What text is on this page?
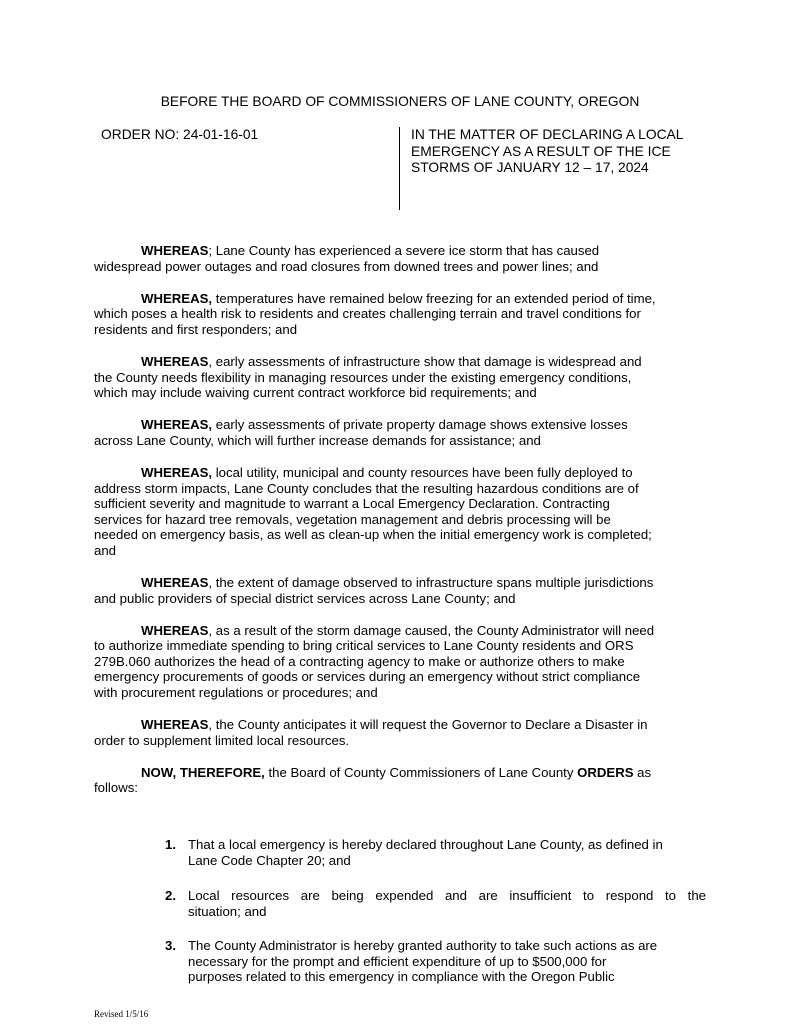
BEFORE THE BOARD OF COMMISSIONERS OF LANE COUNTY, OREGON
ORDER NO: 24-01-16-01	IN THE MATTER OF DECLARING A LOCAL
EMERGENCY AS A RESULT OF THE ICE
STORMS OF JANUARY 12 – 17, 2024

WHEREAS; Lane County has experienced a severe ice storm that has caused
widespread power outages and road closures from downed trees and power lines; and

WHEREAS, temperatures have remained below freezing for an extended period of time,
which poses a health risk to residents and creates challenging terrain and travel conditions for
residents and first responders; and

WHEREAS, early assessments of infrastructure show that damage is widespread and
the County needs flexibility in managing resources under the existing emergency conditions,
which may include waiving current contract workforce bid requirements; and

WHEREAS, early assessments of private property damage shows extensive losses
across Lane County, which will further increase demands for assistance; and

WHEREAS, local utility, municipal and county resources have been fully deployed to
address storm impacts, Lane County concludes that the resulting hazardous conditions are of
sufficient severity and magnitude to warrant a Local Emergency Declaration. Contracting
services for hazard tree removals, vegetation management and debris processing will be
needed on emergency basis, as well as clean-up when the initial emergency work is completed;
and

WHEREAS, the extent of damage observed to infrastructure spans multiple jurisdictions
and public providers of special district services across Lane County; and

WHEREAS, as a result of the storm damage caused, the County Administrator will need
to authorize immediate spending to bring critical services to Lane County residents and ORS
279B.060 authorizes the head of a contracting agency to make or authorize others to make
emergency procurements of goods or services during an emergency without strict compliance
with procurement regulations or procedures; and

WHEREAS, the County anticipates it will request the Governor to Declare a Disaster in
order to supplement limited local resources.

NOW, THEREFORE, the Board of County Commissioners of Lane County ORDERS as
follows:

1. That a local emergency is hereby declared throughout Lane County, as defined in
Lane Code Chapter 20; and
2. Local resources are being expended and are insufficient to respond to the
situation; and
3. The County Administrator is hereby granted authority to take such actions as are
necessary for the prompt and efficient expenditure of up to $500,000 for
purposes related to this emergency in compliance with the Oregon Public
Revised 1/5/16
